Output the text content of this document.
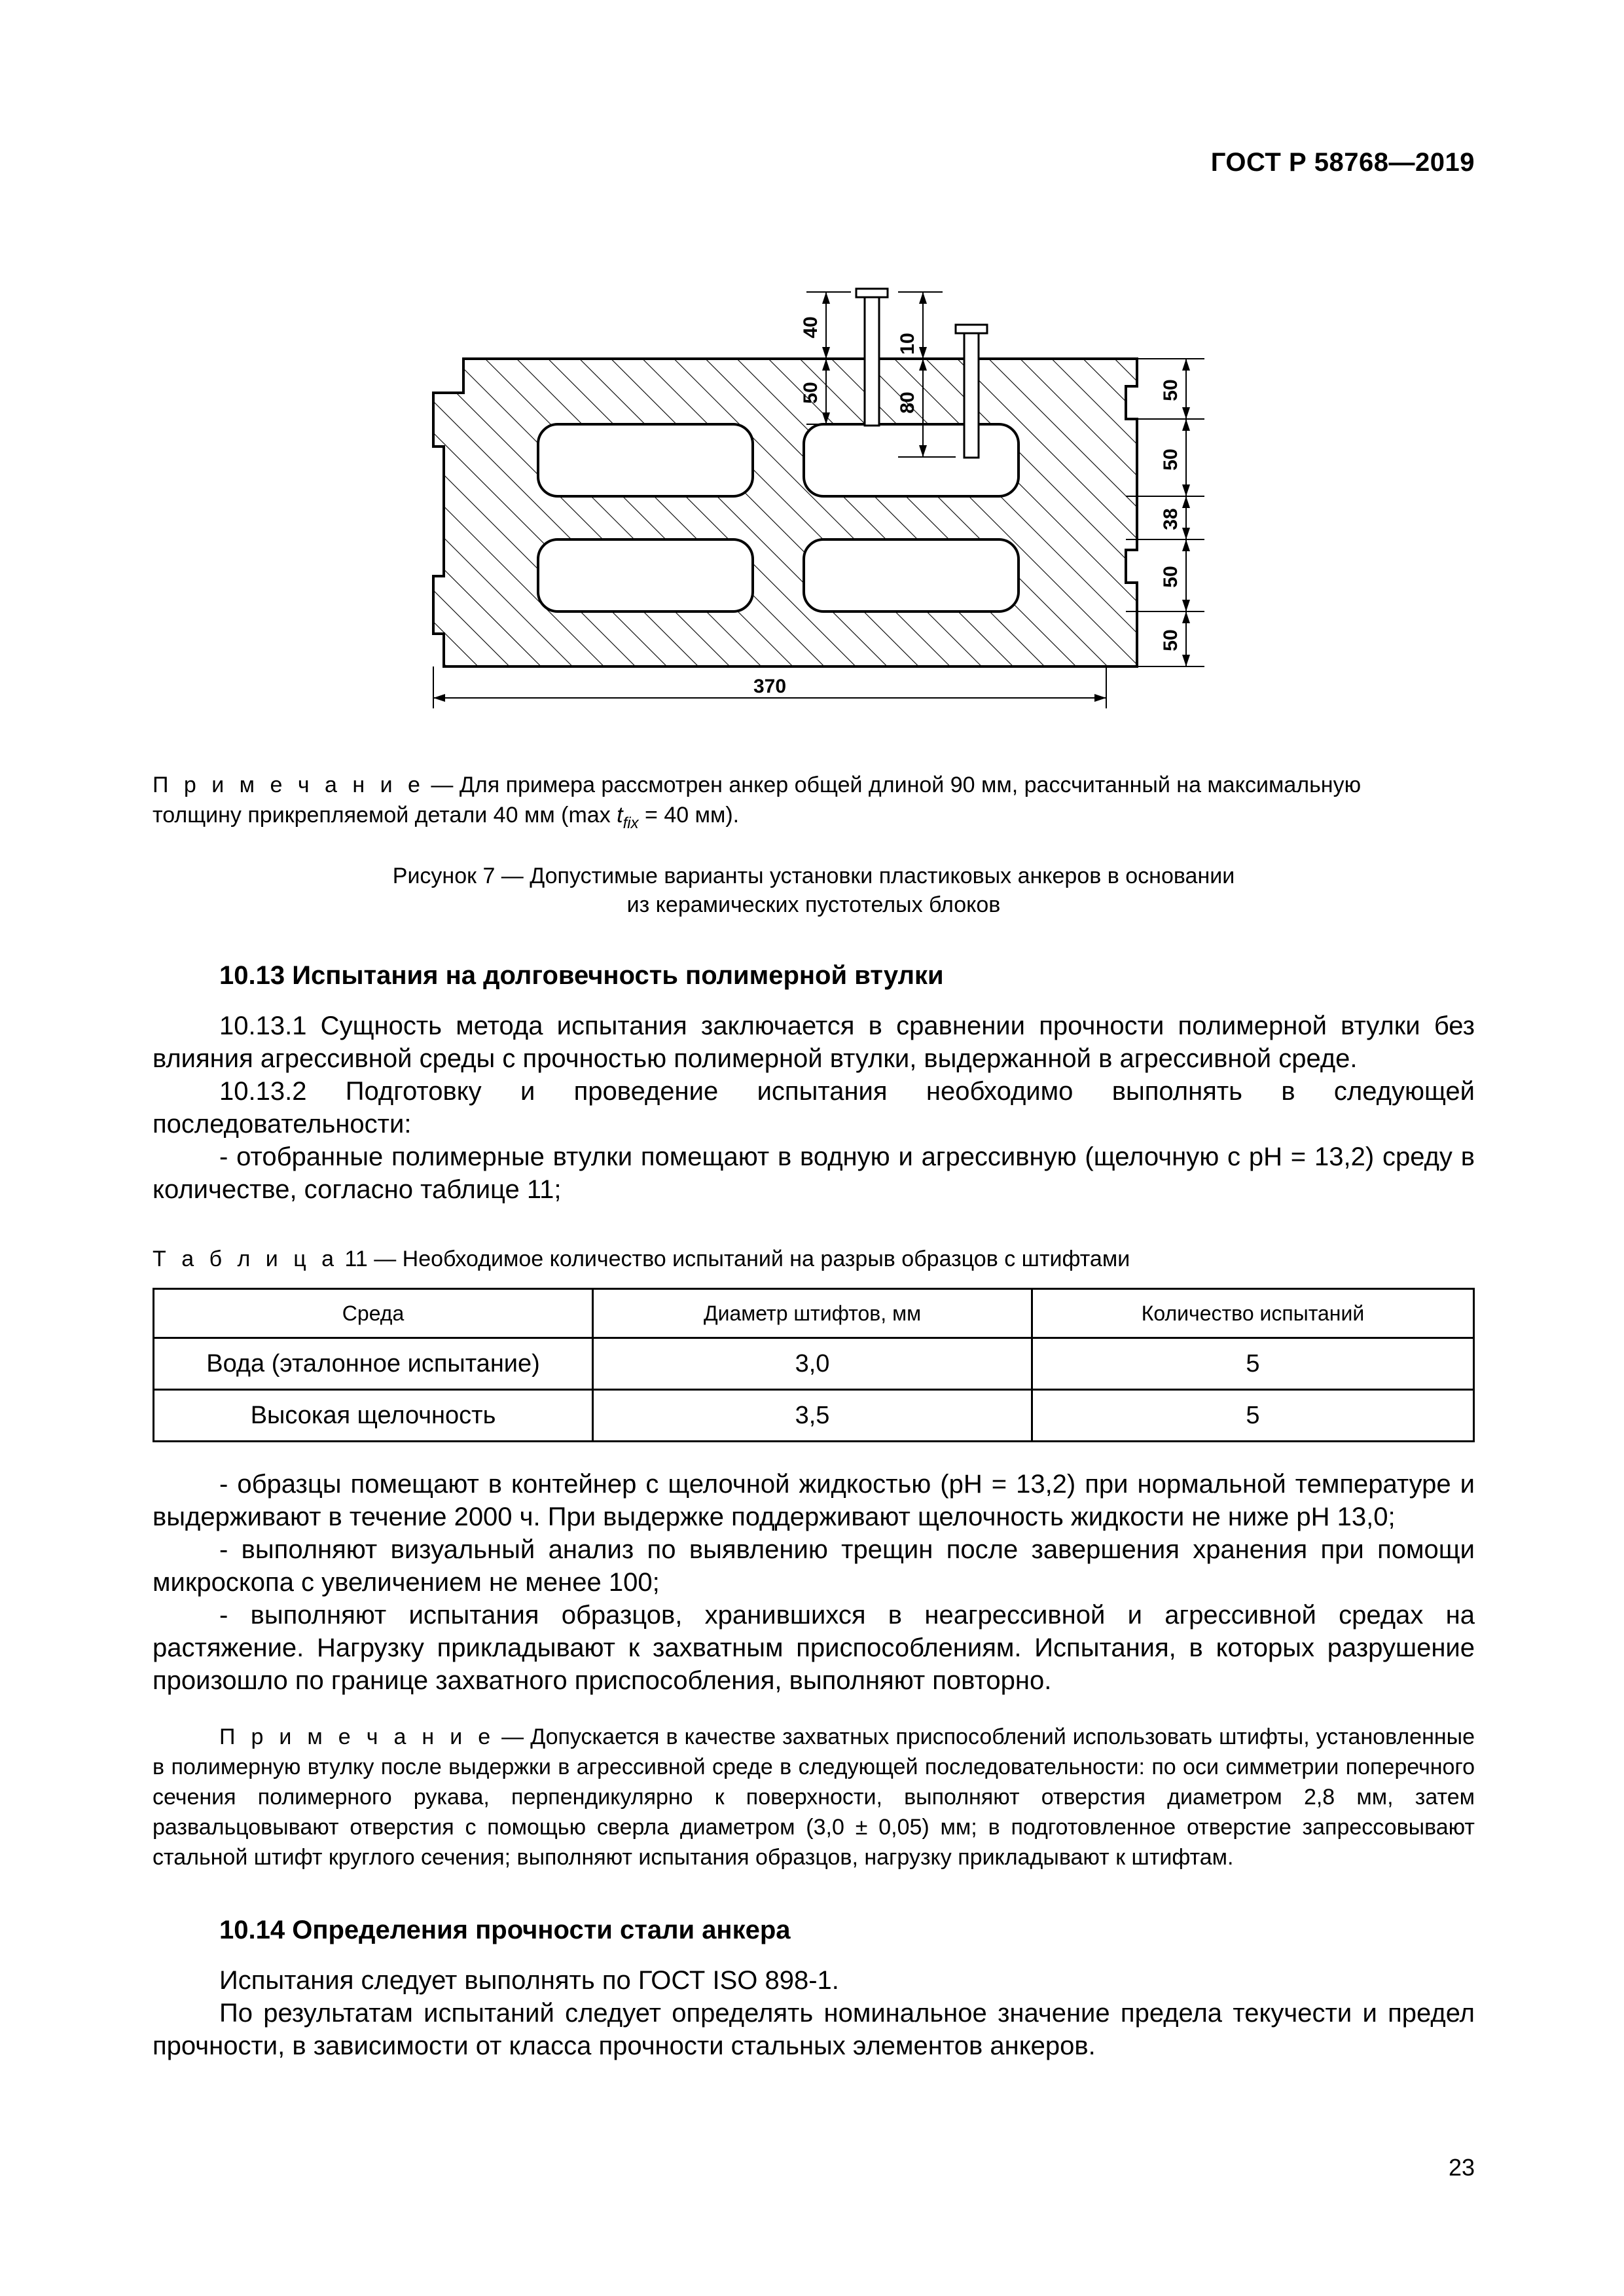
ГОСТ Р 58768—2019
40
50
10
80
50
50
38
50
50
370
П р и м е ч а н и е — Для примера рассмотрен анкер общей длиной 90 мм, рассчитанный на максимальную
толщину прикрепляемой детали 40 мм (max $t_{fix} = 40$ мм).
Рисунок 7 — Допустимые варианты установки пластиковых анкеров в основании
из керамических пустотелых блоков
10.13 Испытания на долговечность полимерной втулки
10.13.1 Сущность метода испытания заключается в сравнении прочности полимерной втулки без влияния агрессивной среды с прочностью полимерной втулки, выдержанной в агрессивной среде.
10.13.2 Подготовку и проведение испытания необходимо выполнять в следующей последовательности:
- отобранные полимерные втулки помещают в водную и агрессивную (щелочную с pH = 13,2) среду в количестве, согласно таблице 11;
Т а б л и ц а 11 — Необходимое количество испытаний на разрыв образцов с штифтами
Среда	Диаметр штифтов, мм	Количество испытаний
Вода (эталонное испытание)	3,0	5
Высокая щелочность	3,5	5
- образцы помещают в контейнер с щелочной жидкостью (pH = 13,2) при нормальной температуре и выдерживают в течение 2000 ч. При выдержке поддерживают щелочность жидкости не ниже pH 13,0;
- выполняют визуальный анализ по выявлению трещин после завершения хранения при помощи микроскопа с увеличением не менее 100;
- выполняют испытания образцов, хранившихся в неагрессивной и агрессивной средах на растяжение. Нагрузку прикладывают к захватным приспособлениям. Испытания, в которых разрушение произошло по границе захватного приспособления, выполняют повторно.
П р и м е ч а н и е — Допускается в качестве захватных приспособлений использовать штифты, установленные в полимерную втулку после выдержки в агрессивной среде в следующей последовательности: по оси симметрии поперечного сечения полимерного рукава, перпендикулярно к поверхности, выполняют отверстия диаметром 2,8 мм, затем развальцовывают отверстия с помощью сверла диаметром (3,0 ± 0,05) мм; в подготовленное отверстие запрессовывают стальной штифт круглого сечения; выполняют испытания образцов, нагрузку прикладывают к штифтам.
10.14 Определения прочности стали анкера
Испытания следует выполнять по ГОСТ ISO 898-1.
По результатам испытаний следует определять номинальное значение предела текучести и предел прочности, в зависимости от класса прочности стальных элементов анкеров.
23
